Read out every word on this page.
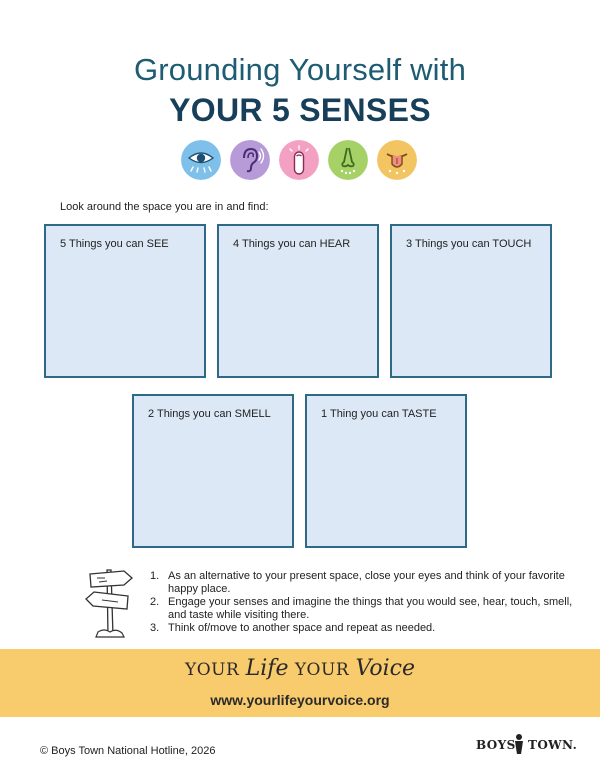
Grounding Yourself with
YOUR 5 SENSES
Look around the space you are in and find:
5 Things you can SEE	4 Things you can HEAR	3 Things you can TOUCH
2 Things you can SMELL	1 Thing you can TASTE
1. As an alternative to your present space, close your eyes and think of your favorite happy place.
2. Engage your senses and imagine the things that you would see, hear, touch, smell, and taste while visiting there.
3. Think of/move to another space and repeat as needed.
YOUR Life YOUR Voice
www.yourlifeyourvoice.org
© Boys Town National Hotline, 2026	BOYS TOWN.
